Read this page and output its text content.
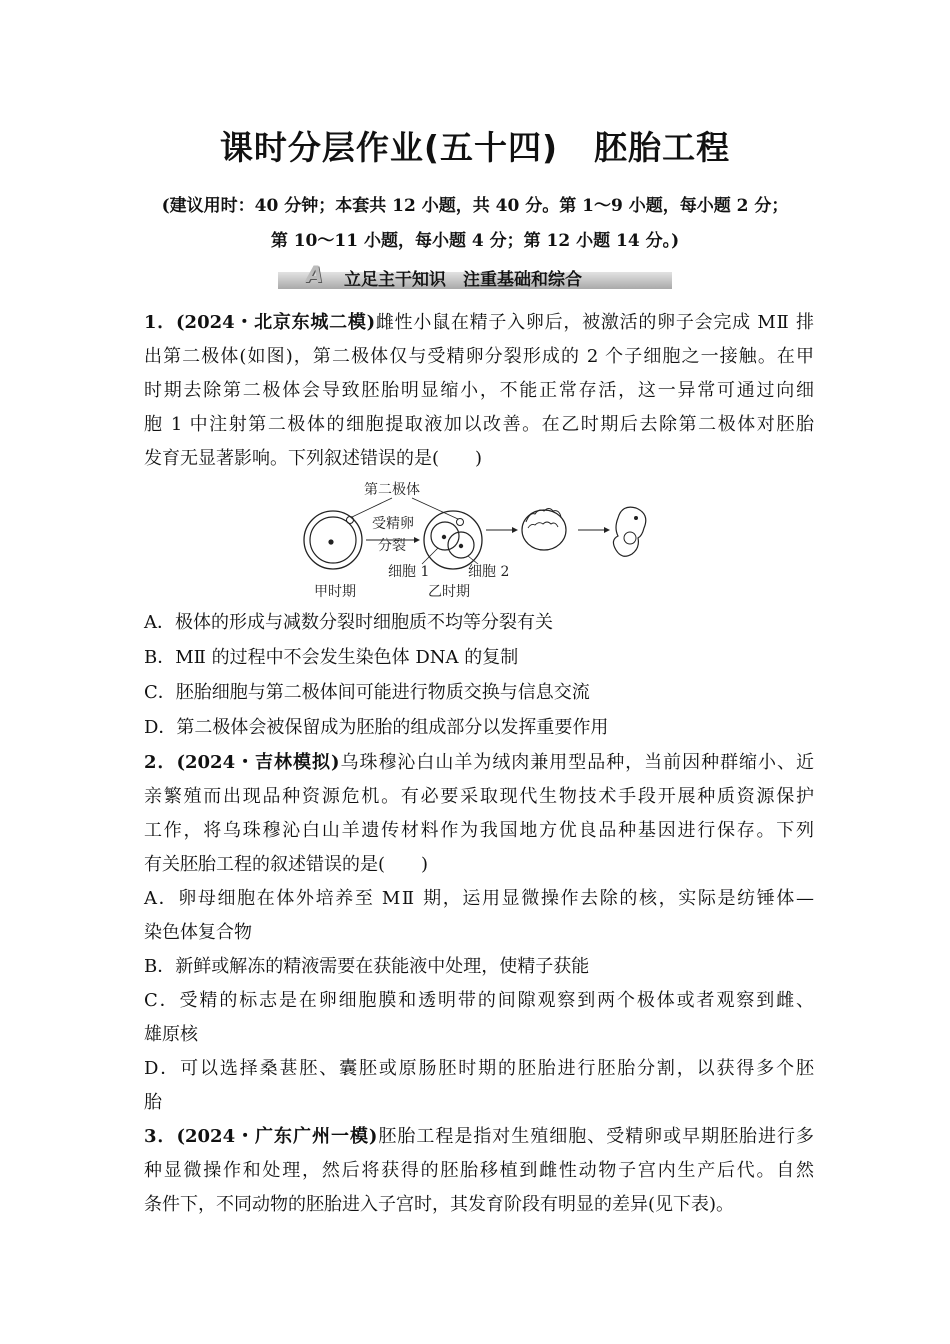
课时分层作业(五十四) 胚胎工程
(建议用时：40 分钟；本套共 12 小题，共 40 分。第 1～9 小题，每小题 2 分；
第 10～11 小题，每小题 4 分；第 12 小题 14 分。)
A	立足主干知识　注重基础和综合
1．(2024・北京东城二模)雌性小鼠在精子入卵后，被激活的卵子会完成 MⅡ 排
出第二极体(如图)，第二极体仅与受精卵分裂形成的 2 个子细胞之一接触。在甲
时期去除第二极体会导致胚胎明显缩小，不能正常存活，这一异常可通过向细
胞 1 中注射第二极体的细胞提取液加以改善。在乙时期后去除第二极体对胚胎
发育无显著影响。下列叙述错误的是(　　)
受精卵
分裂
第二极体
细胞 1	细胞 2
甲时期	乙时期
A．极体的形成与减数分裂时细胞质不均等分裂有关
B．MⅡ 的过程中不会发生染色体 DNA 的复制
C．胚胎细胞与第二极体间可能进行物质交换与信息交流
D．第二极体会被保留成为胚胎的组成部分以发挥重要作用
2．(2024・吉林模拟)乌珠穆沁白山羊为绒肉兼用型品种，当前因种群缩小、近
亲繁殖而出现品种资源危机。有必要采取现代生物技术手段开展种质资源保护
工作，将乌珠穆沁白山羊遗传材料作为我国地方优良品种基因进行保存。下列
有关胚胎工程的叙述错误的是(　　)
A．卵母细胞在体外培养至 MⅡ 期，运用显微操作去除的核，实际是纺锤体—
染色体复合物
B．新鲜或解冻的精液需要在获能液中处理，使精子获能
C．受精的标志是在卵细胞膜和透明带的间隙观察到两个极体或者观察到雌、
雄原核
D．可以选择桑葚胚、囊胚或原肠胚时期的胚胎进行胚胎分割，以获得多个胚
胎
3．(2024・广东广州一模)胚胎工程是指对生殖细胞、受精卵或早期胚胎进行多
种显微操作和处理，然后将获得的胚胎移植到雌性动物子宫内生产后代。自然
条件下，不同动物的胚胎进入子宫时，其发育阶段有明显的差异(见下表)。
